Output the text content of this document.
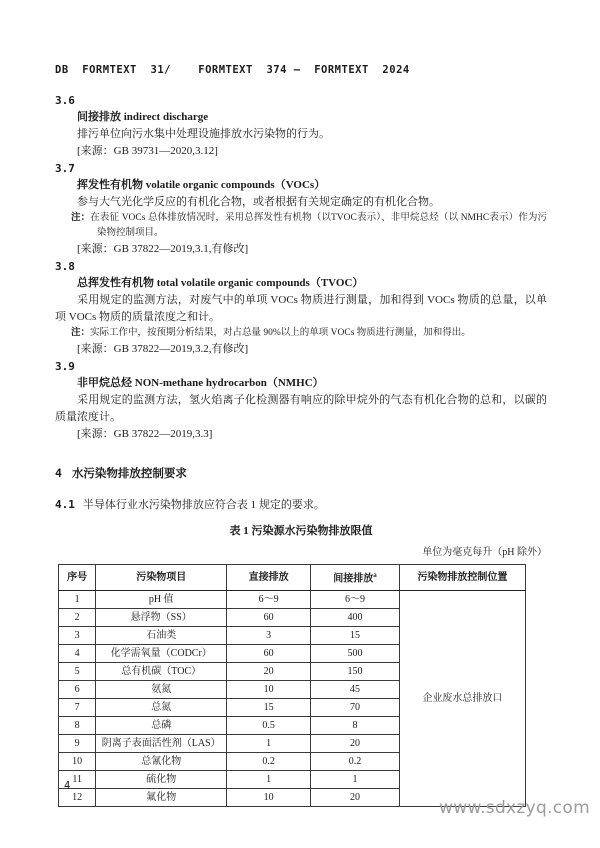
DB  FORMTEXT  31/    FORMTEXT  374 —  FORMTEXT  2024
3.6
间接排放 indirect discharge
排污单位向污水集中处理设施排放水污染物的行为。
[来源：GB 39731—2020,3.12]
3.7
挥发性有机物 volatile organic compounds（VOCs）
参与大气光化学反应的有机化合物，或者根据有关规定确定的有机化合物。
注：在表征 VOCs 总体排放情况时，采用总挥发性有机物（以TVOC表示）、非甲烷总烃（以 NMHC表示）作为污染物控制项目。
[来源：GB 37822—2019,3.1,有修改]
3.8
总挥发性有机物 total volatile organic compounds（TVOC）
采用规定的监测方法，对废气中的单项 VOCs 物质进行测量，加和得到 VOCs 物质的总量，以单项 VOCs 物质的质量浓度之和计。
注：实际工作中，按预期分析结果，对占总量 90%以上的单项 VOCs 物质进行测量，加和得出。
[来源：GB 37822—2019,3.2,有修改]
3.9
非甲烷总烃 NON-methane hydrocarbon（NMHC）
采用规定的监测方法，氢火焰离子化检测器有响应的除甲烷外的气态有机化合物的总和，以碳的质量浓度计。
[来源：GB 37822—2019,3.3]
4 水污染物排放控制要求
4.1 半导体行业水污染物排放应符合表 1 规定的要求。
表 1 污染源水污染物排放限值
单位为毫克每升（pH 除外）
序号	污染物项目	直接排放	间接排放$^a$	污染物排放控制位置
1	pH 值	6～9	6～9	企业废水总排放口
2	悬浮物（SS）	60	400	
3	石油类	3	15	
4	化学需氧量（CODCr）	60	500	
5	总有机碳（TOC）	20	150	
6	氨氮	10	45	
7	总氮	15	70	
8	总磷	0.5	8	
9	阴离子表面活性剂（LAS）	1	20	
10	总氰化物	0.2	0.2	
11	硫化物	1	1	
12	氟化物	10	20	
4
www.sdxzyq.com
